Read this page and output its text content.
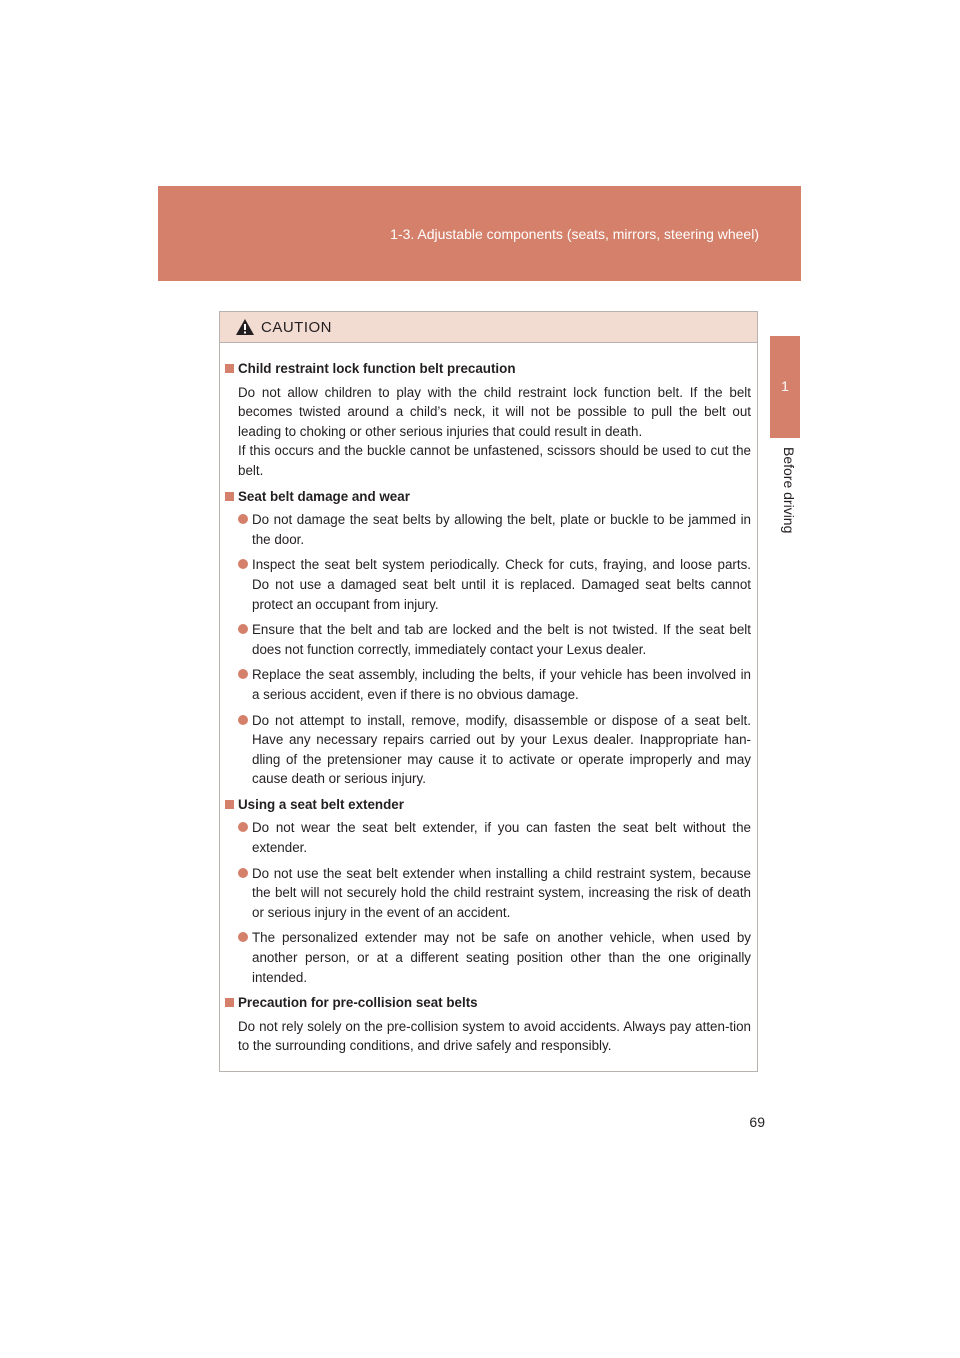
1-3. Adjustable components (seats, mirrors, steering wheel)
1
Before driving
CAUTION
Child restraint lock function belt precaution
Do not allow children to play with the child restraint lock function belt. If the belt becomes twisted around a child’s neck, it will not be possible to pull the belt out leading to choking or other serious injuries that could result in death.
If this occurs and the buckle cannot be unfastened, scissors should be used to cut the belt.
Seat belt damage and wear
Do not damage the seat belts by allowing the belt, plate or buckle to be jammed in the door.
Inspect the seat belt system periodically. Check for cuts, fraying, and loose parts. Do not use a damaged seat belt until it is replaced. Damaged seat belts cannot protect an occupant from injury.
Ensure that the belt and tab are locked and the belt is not twisted. If the seat belt does not function correctly, immediately contact your Lexus dealer.
Replace the seat assembly, including the belts, if your vehicle has been involved in a serious accident, even if there is no obvious damage.
Do not attempt to install, remove, modify, disassemble or dispose of a seat belt. Have any necessary repairs carried out by your Lexus dealer. Inappropriate han-dling of the pretensioner may cause it to activate or operate improperly and may cause death or serious injury.
Using a seat belt extender
Do not wear the seat belt extender, if you can fasten the seat belt without the extender.
Do not use the seat belt extender when installing a child restraint system, because the belt will not securely hold the child restraint system, increasing the risk of death or serious injury in the event of an accident.
The personalized extender may not be safe on another vehicle, when used by another person, or at a different seating position other than the one originally intended.
Precaution for pre-collision seat belts
Do not rely solely on the pre-collision system to avoid accidents. Always pay atten-tion to the surrounding conditions, and drive safely and responsibly.
69
